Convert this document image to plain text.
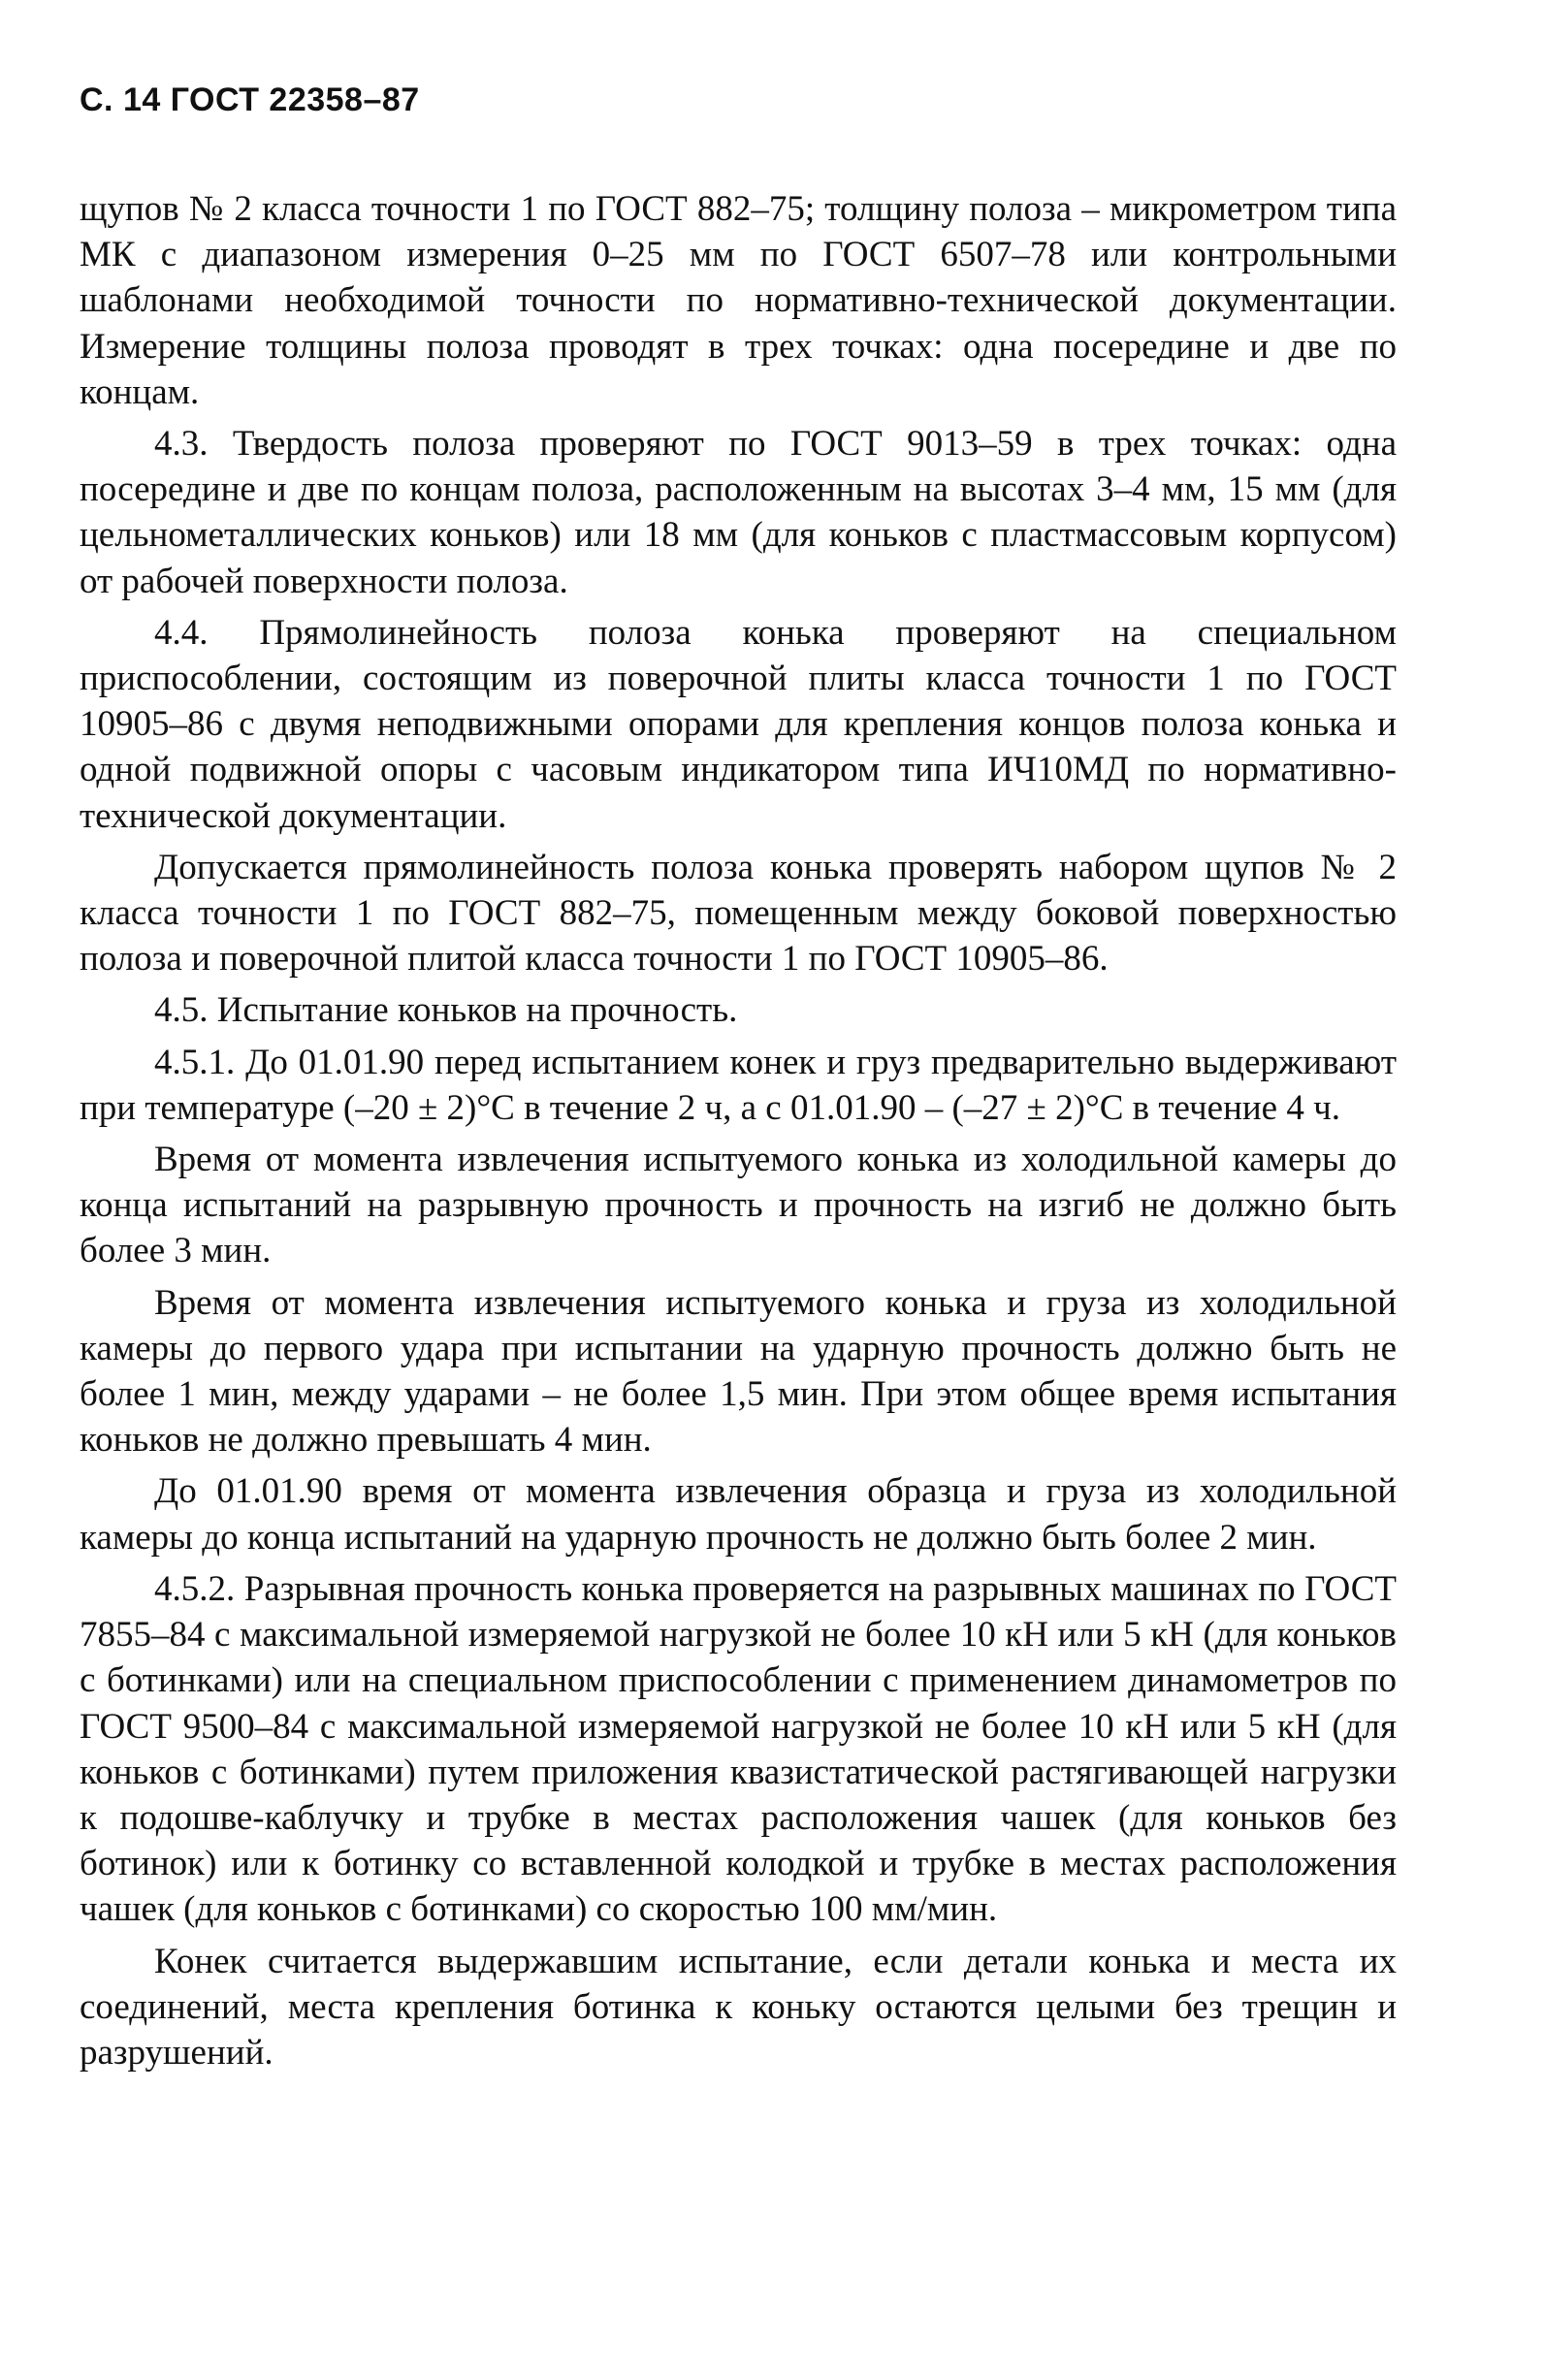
С. 14 ГОСТ 22358–87

щупов № 2 класса точности 1 по ГОСТ 882–75; толщину полоза – микрометром типа МК с диапазоном измерения 0–25 мм по ГОСТ 6507–78 или контрольными шаблонами необходимой точности по нормативно-технической документации. Измерение толщины полоза проводят в трех точках: одна посередине и две по концам.

4.3. Твердость полоза проверяют по ГОСТ 9013–59 в трех точках: одна посередине и две по концам полоза, расположенным на высотах 3–4 мм, 15 мм (для цельнометаллических коньков) или 18 мм (для коньков с пластмассовым корпусом) от рабочей поверхности полоза.

4.4. Прямолинейность полоза конька проверяют на специальном приспособлении, состоящим из поверочной плиты класса точности 1 по ГОСТ 10905–86 с двумя неподвижными опорами для крепления концов полоза конька и одной подвижной опоры с часовым индикатором типа ИЧ10МД по нормативно-технической документации.

Допускается прямолинейность полоза конька проверять набором щупов № 2 класса точности 1 по ГОСТ 882–75, помещенным между боковой поверхностью полоза и поверочной плитой класса точности 1 по ГОСТ 10905–86.

4.5. Испытание коньков на прочность.

4.5.1. До 01.01.90 перед испытанием конек и груз предварительно выдерживают при температуре (–20 ± 2)°С в течение 2 ч, а с 01.01.90 – (–27 ± 2)°С в течение 4 ч.

Время от момента извлечения испытуемого конька из холодильной камеры до конца испытаний на разрывную прочность и прочность на изгиб не должно быть более 3 мин.

Время от момента извлечения испытуемого конька и груза из холодильной камеры до первого удара при испытании на ударную прочность должно быть не более 1 мин, между ударами – не более 1,5 мин. При этом общее время испытания коньков не должно превышать 4 мин.

До 01.01.90 время от момента извлечения образца и груза из холодильной камеры до конца испытаний на ударную прочность не должно быть более 2 мин.

4.5.2. Разрывная прочность конька проверяется на разрывных машинах по ГОСТ 7855–84 с максимальной измеряемой нагрузкой не более 10 кН или 5 кН (для коньков с ботинками) или на специальном приспособлении с применением динамометров по ГОСТ 9500–84 с максимальной измеряемой нагрузкой не более 10 кН или 5 кН (для коньков с ботинками) путем приложения квазистатической растягивающей нагрузки к подошве-каблучку и трубке в местах расположения чашек (для коньков без ботинок) или к ботинку со вставленной колодкой и трубке в местах расположения чашек (для коньков с ботинками) со скоростью 100 мм/мин.

Конек считается выдержавшим испытание, если детали конька и места их соединений, места крепления ботинка к коньку остаются целыми без трещин и разрушений.
